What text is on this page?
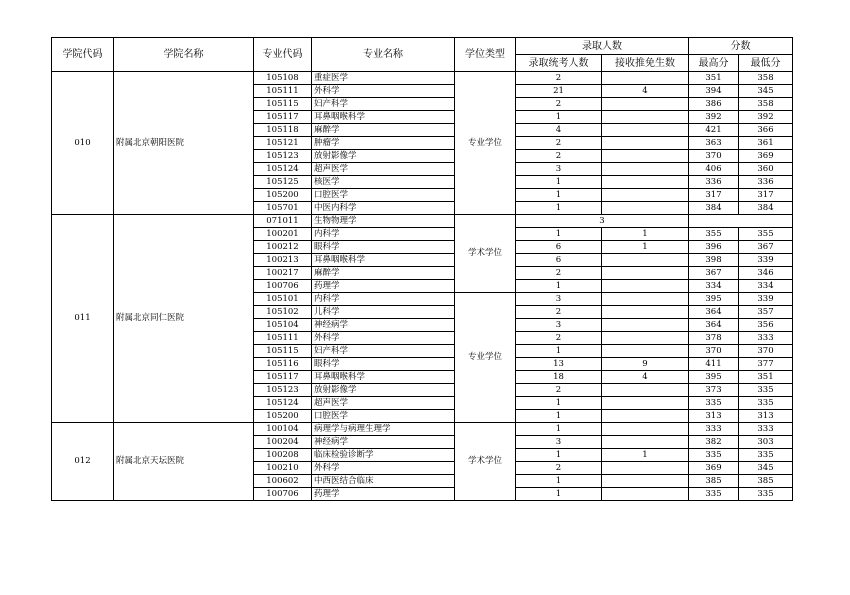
学院代码	学院名称	专业代码	专业名称	学位类型	录取人数		分数	
					录取统考人数	接收推免生数	最高分	最低分
010	附属北京朝阳医院	105108	重症医学	专业学位	2		351	358
		105111	外科学		21	4	394	345
		105115	妇产科学		2		386	358
		105117	耳鼻咽喉科学		1		392	392
		105118	麻醉学		4		421	366
		105121	肿瘤学		2		363	361
		105123	放射影像学		2		370	369
		105124	超声医学		3		406	360
		105125	核医学		1		336	336
		105200	口腔医学		1		317	317
		105701	中医内科学		1		384	384
011	附属北京同仁医院	071011	生物物理学	学术学位	3			
		100201	内科学		1	1	355	355
		100212	眼科学		6	1	396	367
		100213	耳鼻咽喉科学		6		398	339
		100217	麻醉学		2		367	346
		100706	药理学		1		334	334
		105101	内科学	专业学位	3		395	339
		105102	儿科学		2		364	357
		105104	神经病学		3		364	356
		105111	外科学		2		378	333
		105115	妇产科学		1		370	370
		105116	眼科学		13	9	411	377
		105117	耳鼻咽喉科学		18	4	395	351
		105123	放射影像学		2		373	335
		105124	超声医学		1		335	335
		105200	口腔医学		1		313	313
012	附属北京天坛医院	100104	病理学与病理生理学	学术学位	1		333	333
		100204	神经病学		3		382	303
		100208	临床检验诊断学		1	1	335	335
		100210	外科学		2		369	345
		100602	中西医结合临床		1		385	385
		100706	药理学		1		335	335
